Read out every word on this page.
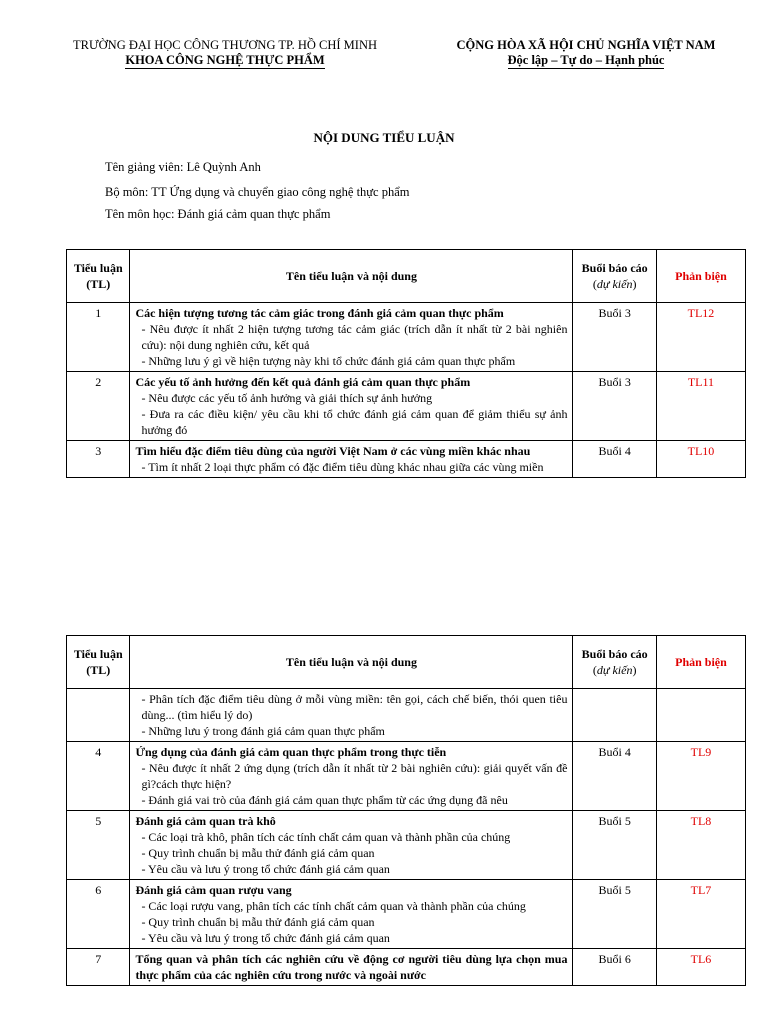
TRƯỜNG ĐẠI HỌC CÔNG THƯƠNG TP. HỒ CHÍ MINH
KHOA CÔNG NGHỆ THỰC PHẨM
CỘNG HÒA XÃ HỘI CHỦ NGHĨA VIỆT NAM
Độc lập – Tự do – Hạnh phúc
NỘI DUNG TIỂU LUẬN
Tên giảng viên: Lê Quỳnh Anh
Bộ môn: TT Ứng dụng và chuyển giao công nghệ thực phẩm
Tên môn học: Đánh giá cảm quan thực phẩm
Tiểu luận (TL)	Tên tiểu luận và nội dung	Buổi báo cáo
(dự kiến)	Phản biện
1	Các hiện tượng tương tác cảm giác trong đánh giá cảm quan thực phẩm
- Nêu được ít nhất 2 hiện tượng tương tác cảm giác (trích dẫn ít nhất từ 2 bài nghiên cứu): nội dung nghiên cứu, kết quả
- Những lưu ý gì về hiện tượng này khi tổ chức đánh giá cảm quan thực phẩm	Buổi 3	TL12
2	Các yếu tố ảnh hưởng đến kết quả đánh giá cảm quan thực phẩm
- Nêu được các yếu tố ảnh hưởng và giải thích sự ảnh hưởng
- Đưa ra các điều kiện/ yêu cầu khi tổ chức đánh giá cảm quan để giảm thiểu sự ảnh hưởng đó	Buổi 3	TL11
3	Tìm hiểu đặc điểm tiêu dùng của người Việt Nam ở các vùng miền khác nhau
- Tìm ít nhất 2 loại thực phẩm có đặc điểm tiêu dùng khác nhau giữa các vùng miền	Buổi 4	TL10
Tiểu luận (TL)	Tên tiểu luận và nội dung	Buổi báo cáo
(dự kiến)	Phản biện

	- Phân tích đặc điểm tiêu dùng ở mỗi vùng miền: tên gọi, cách chế biến, thói quen tiêu dùng... (tìm hiểu lý do)
- Những lưu ý trong đánh giá cảm quan thực phẩm		

4	Ứng dụng của đánh giá cảm quan thực phẩm trong thực tiễn
- Nêu được ít nhất 2 ứng dụng (trích dẫn ít nhất từ 2 bài nghiên cứu): giải quyết vấn đề gì?cách thực hiện?
- Đánh giá vai trò của đánh giá cảm quan thực phẩm từ các ứng dụng đã nêu	Buổi 4	TL9
5	Đánh giá cảm quan trà khô
- Các loại trà khô, phân tích các tính chất cảm quan và thành phần của chúng
- Quy trình chuẩn bị mẫu thử đánh giá cảm quan
- Yêu cầu và lưu ý trong tổ chức đánh giá cảm quan	Buổi 5	TL8
6	Đánh giá cảm quan rượu vang
- Các loại rượu vang, phân tích các tính chất cảm quan và thành phần của chúng
- Quy trình chuẩn bị mẫu thử đánh giá cảm quan
- Yêu cầu và lưu ý trong tổ chức đánh giá cảm quan	Buổi 5	TL7
7	Tổng quan và phân tích các nghiên cứu về động cơ người tiêu dùng lựa chọn mua thực phẩm của các nghiên cứu trong nước và ngoài nước	Buổi 6	TL6
